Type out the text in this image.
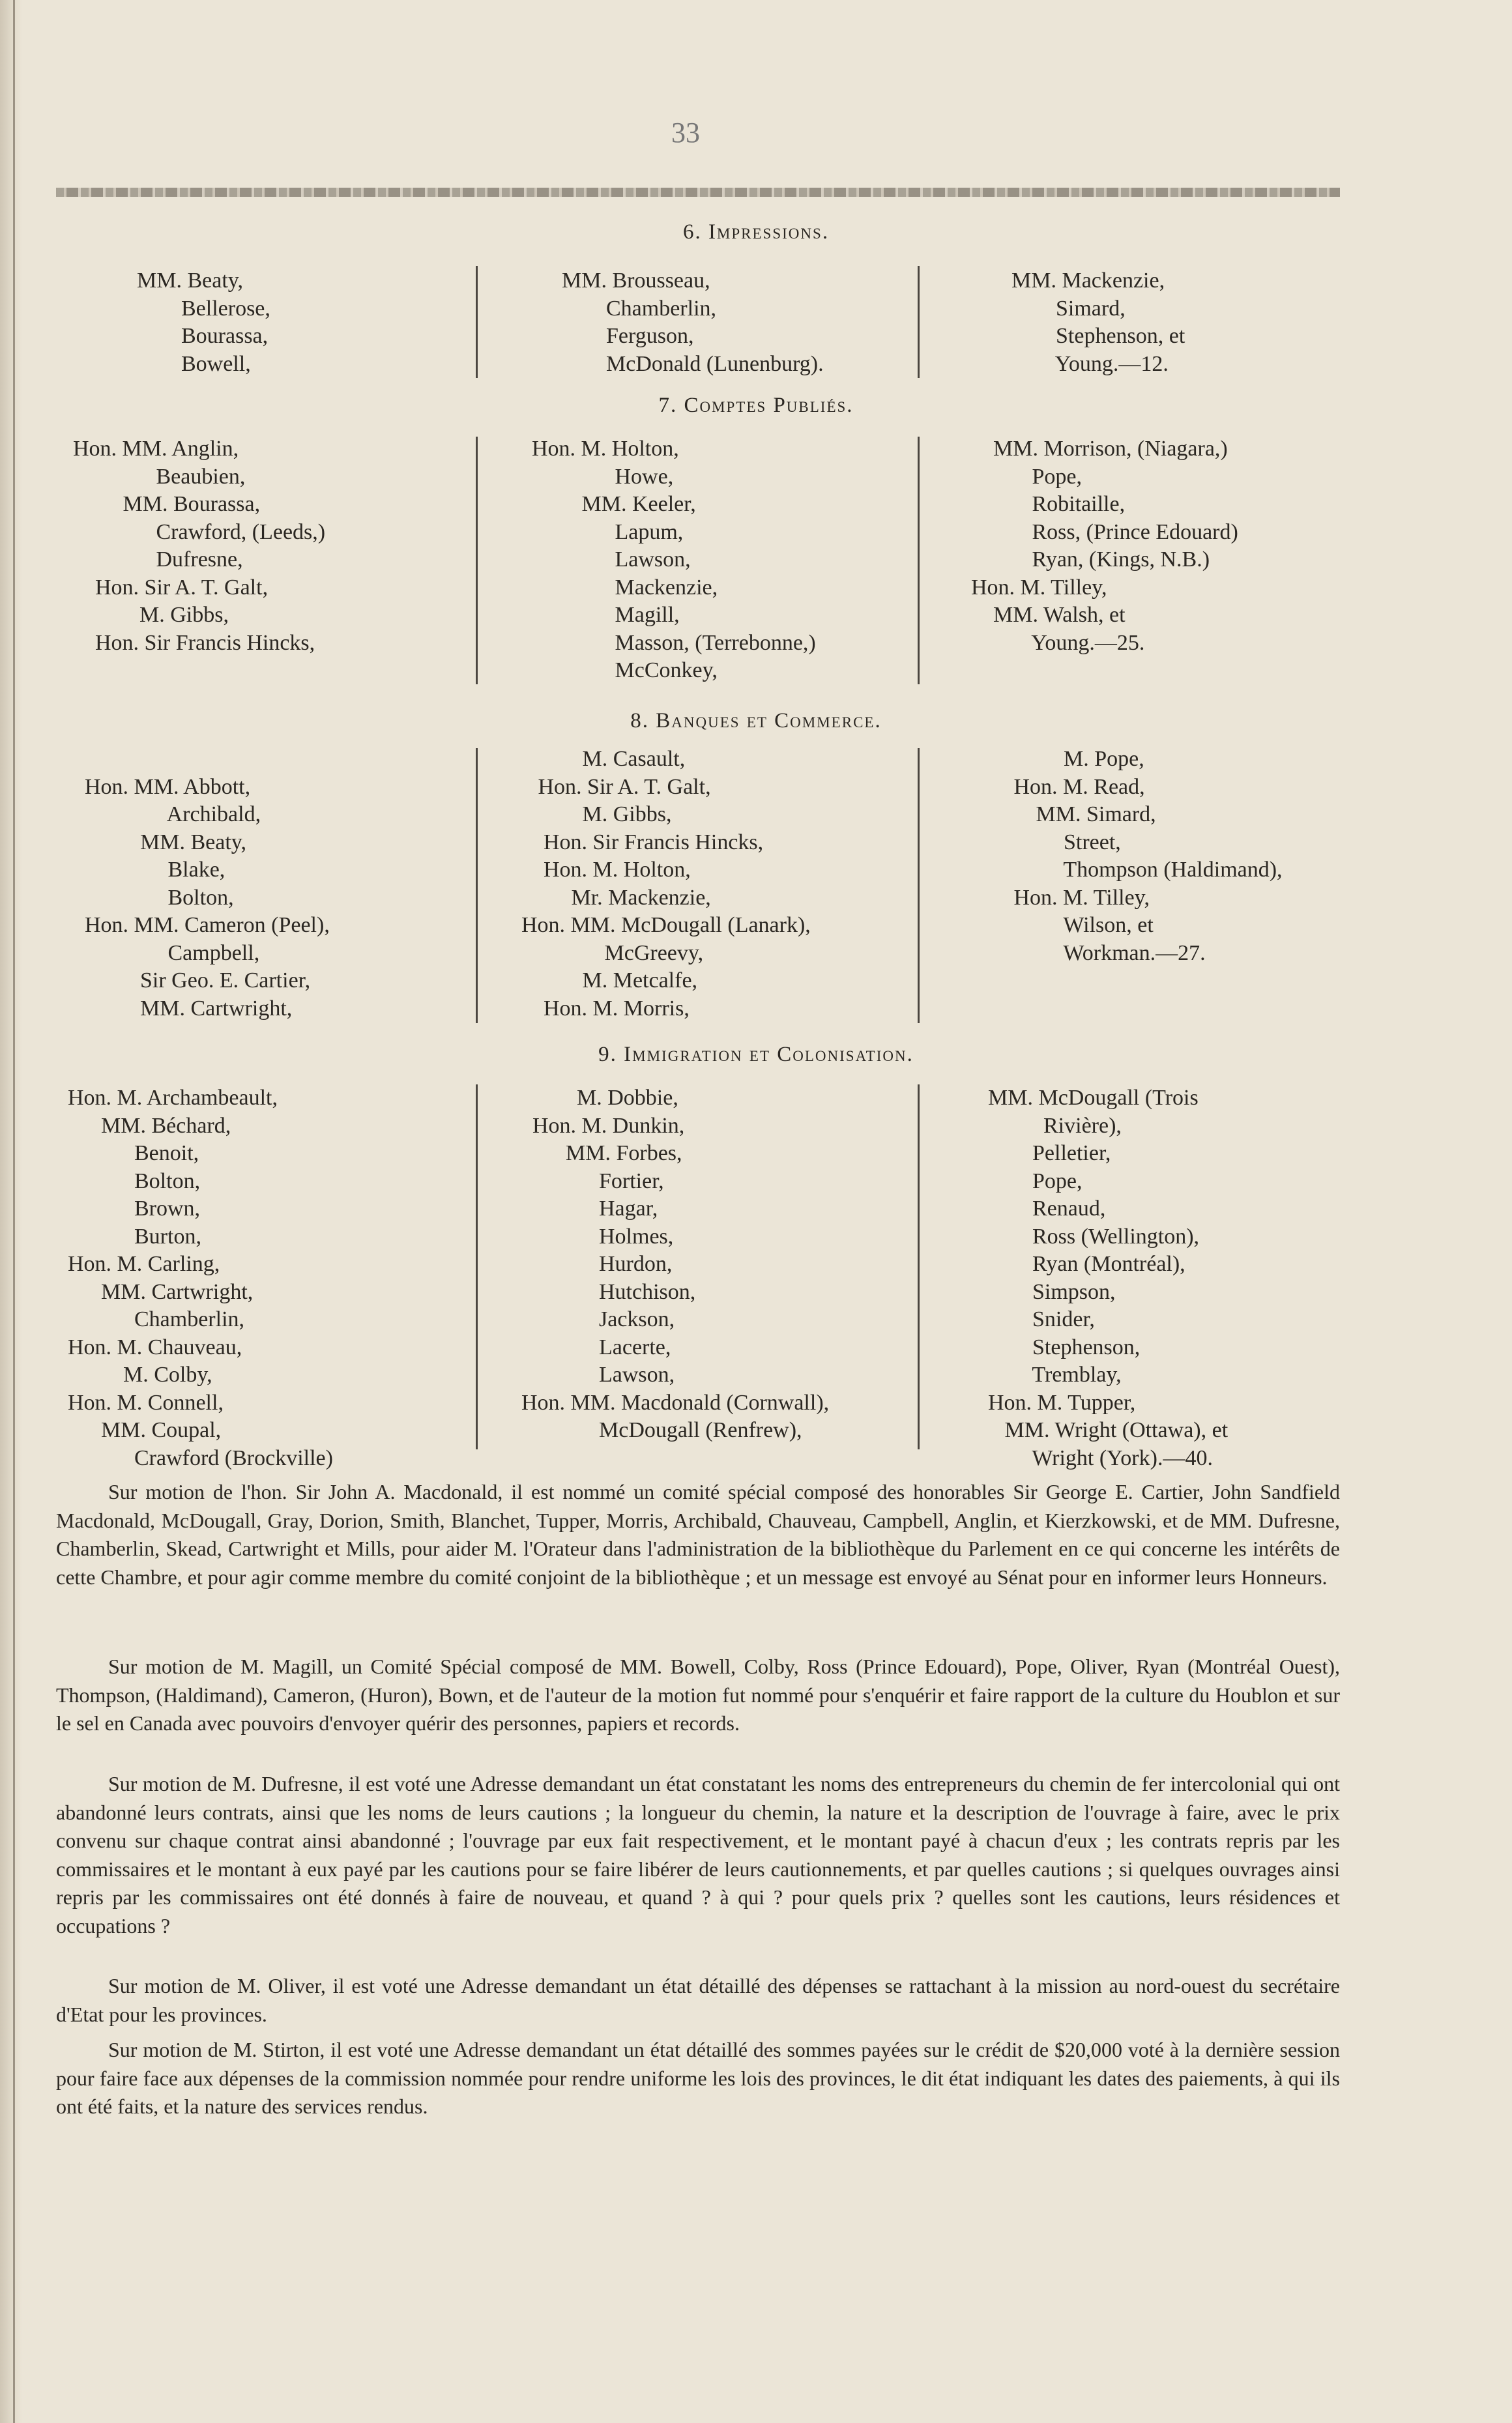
33
6. Impressions.
MM. Beaty,
Bellerose,
Bourassa,
Bowell,
MM. Brousseau,
Chamberlin,
Ferguson,
McDonald (Lunenburg).
MM. Mackenzie,
Simard,
Stephenson, et
Young.—12.
7. Comptes Publiés.
Hon. MM. Anglin,
Beaubien,
MM. Bourassa,
Crawford, (Leeds,)
Dufresne,
Hon. Sir A. T. Galt,
M. Gibbs,
Hon. Sir Francis Hincks,
Hon. M. Holton,
Howe,
MM. Keeler,
Lapum,
Lawson,
Mackenzie,
Magill,
Masson, (Terrebonne,)
McConkey,
MM. Morrison, (Niagara,)
Pope,
Robitaille,
Ross, (Prince Edouard)
Ryan, (Kings, N.B.)
Hon. M. Tilley,
MM. Walsh, et
Young.—25.
8. Banques et Commerce.

Hon. MM. Abbott,
Archibald,
MM. Beaty,
Blake,
Bolton,
Hon. MM. Cameron (Peel),
Campbell,
Sir Geo. E. Cartier,
MM. Cartwright,
M. Casault,
Hon. Sir A. T. Galt,
M. Gibbs,
Hon. Sir Francis Hincks,
Hon. M. Holton,
Mr. Mackenzie,
Hon. MM. McDougall (Lanark),
McGreevy,
M. Metcalfe,
Hon. M. Morris,
M. Pope,
Hon. M. Read,
MM. Simard,
Street,
Thompson (Haldimand),
Hon. M. Tilley,
Wilson, et
Workman.—27.
9. Immigration et Colonisation.
Hon. M. Archambeault,
MM. Béchard,
Benoit,
Bolton,
Brown,
Burton,
Hon. M. Carling,
MM. Cartwright,
Chamberlin,
Hon. M. Chauveau,
M. Colby,
Hon. M. Connell,
MM. Coupal,
Crawford (Brockville)
M. Dobbie,
Hon. M. Dunkin,
MM. Forbes,
Fortier,
Hagar,
Holmes,
Hurdon,
Hutchison,
Jackson,
Lacerte,
Lawson,
Hon. MM. Macdonald (Cornwall),
McDougall (Renfrew),
MM. McDougall (Trois
Rivière),
Pelletier,
Pope,
Renaud,
Ross (Wellington),
Ryan (Montréal),
Simpson,
Snider,
Stephenson,
Tremblay,
Hon. M. Tupper,
MM. Wright (Ottawa), et
Wright (York).—40.
Sur motion de l'hon. Sir John A. Macdonald, il est nommé un comité spécial composé des honorables Sir George E. Cartier, John Sandfield Macdonald, McDougall, Gray, Dorion, Smith, Blanchet, Tupper, Morris, Archibald, Chauveau, Campbell, Anglin, et Kierzkowski, et de MM. Dufresne, Chamberlin, Skead, Cartwright et Mills, pour aider M. l'Orateur dans l'administration de la bibliothèque du Parlement en ce qui concerne les intérêts de cette Chambre, et pour agir comme membre du comité conjoint de la bibliothèque ; et un message est envoyé au Sénat pour en informer leurs Honneurs.
Sur motion de M. Magill, un Comité Spécial composé de MM. Bowell, Colby, Ross (Prince Edouard), Pope, Oliver, Ryan (Montréal Ouest), Thompson, (Haldimand), Cameron, (Huron), Bown, et de l'auteur de la motion fut nommé pour s'enquérir et faire rapport de la culture du Houblon et sur le sel en Canada avec pouvoirs d'envoyer quérir des personnes, papiers et records.
Sur motion de M. Dufresne, il est voté une Adresse demandant un état constatant les noms des entrepreneurs du chemin de fer intercolonial qui ont abandonné leurs contrats, ainsi que les noms de leurs cautions ; la longueur du chemin, la nature et la description de l'ouvrage à faire, avec le prix convenu sur chaque contrat ainsi abandonné ; l'ouvrage par eux fait respectivement, et le montant payé à chacun d'eux ; les contrats repris par les commissaires et le montant à eux payé par les cautions pour se faire libérer de leurs cautionnements, et par quelles cautions ; si quelques ouvrages ainsi repris par les commissaires ont été donnés à faire de nouveau, et quand ? à qui ? pour quels prix ? quelles sont les cautions, leurs résidences et occupations ?
Sur motion de M. Oliver, il est voté une Adresse demandant un état détaillé des dépenses se rattachant à la mission au nord-ouest du secrétaire d'Etat pour les provinces.
Sur motion de M. Stirton, il est voté une Adresse demandant un état détaillé des sommes payées sur le crédit de $20,000 voté à la dernière session pour faire face aux dépenses de la commission nommée pour rendre uniforme les lois des provinces, le dit état indiquant les dates des paiements, à qui ils ont été faits, et la nature des services rendus.
